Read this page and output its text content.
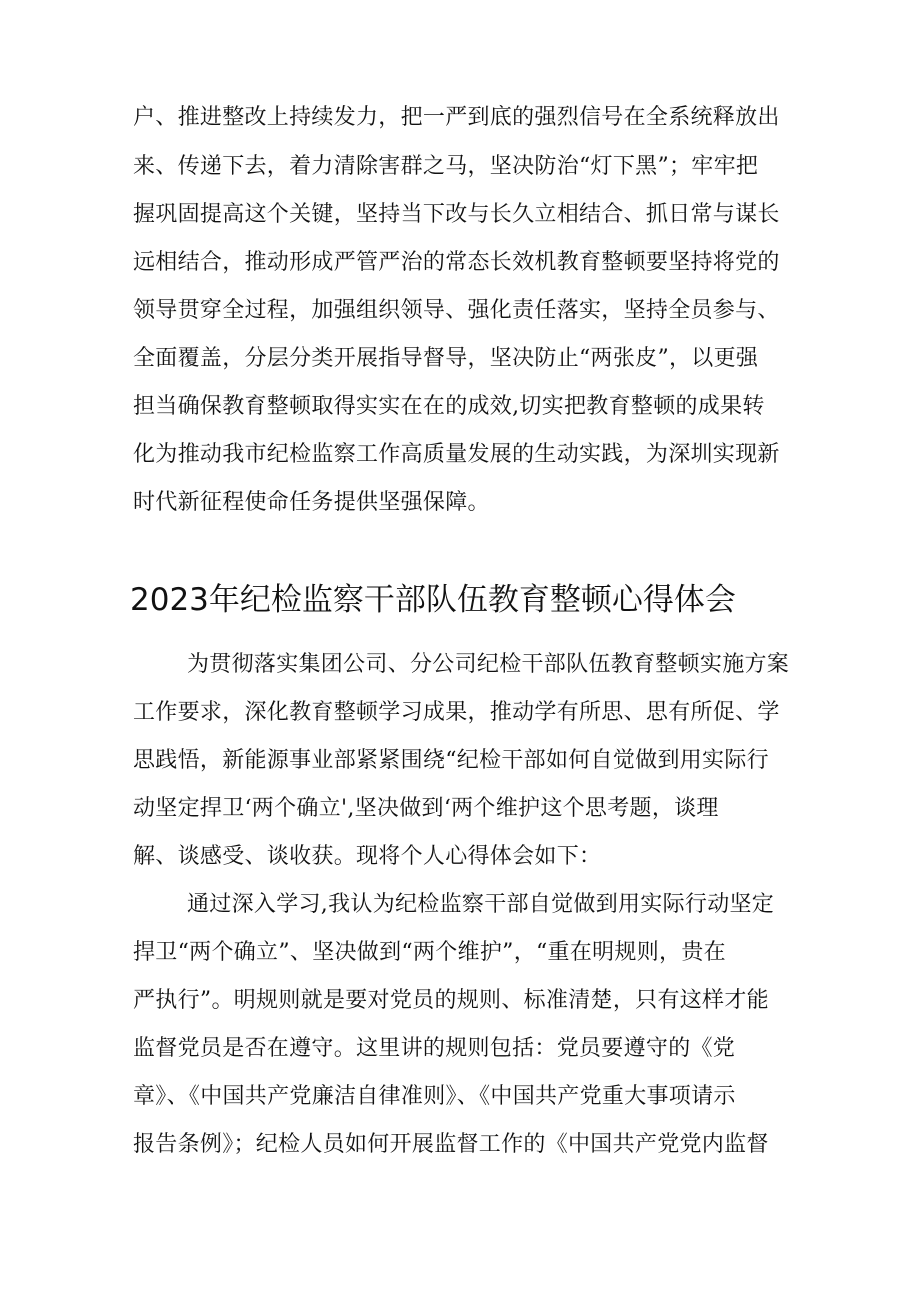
户、推进整改上持续发力，把一严到底的强烈信号在全系统释放出
来、传递下去，着力清除害群之马，坚决防治“灯下黑”；牢牢把
握巩固提高这个关键，坚持当下改与长久立相结合、抓日常与谋长
远相结合，推动形成严管严治的常态长效机教育整顿要坚持将党的
领导贯穿全过程，加强组织领导、强化责任落实，坚持全员参与、
全面覆盖，分层分类开展指导督导，坚决防止“两张皮”，以更强
担当确保教育整顿取得实实在在的成效,切实把教育整顿的成果转
化为推动我市纪检监察工作高质量发展的生动实践，为深圳实现新
时代新征程使命任务提供坚强保障。
2023年纪检监察干部队伍教育整顿心得体会
为贯彻落实集团公司、分公司纪检干部队伍教育整顿实施方案
工作要求，深化教育整顿学习成果，推动学有所思、思有所促、学
思践悟，新能源事业部紧紧围绕“纪检干部如何自觉做到用实际行
动坚定捍卫‘两个确立',坚决做到‘两个维护这个思考题，谈理
解、谈感受、谈收获。现将个人心得体会如下：
通过深入学习,我认为纪检监察干部自觉做到用实际行动坚定
捍卫“两个确立”、坚决做到“两个维护”，“重在明规则，贵在
严执行”。明规则就是要对党员的规则、标准清楚，只有这样才能
监督党员是否在遵守。这里讲的规则包括：党员要遵守的《党
章》、《中国共产党廉洁自律准则》、《中国共产党重大事项请示
报告条例》；纪检人员如何开展监督工作的《中国共产党党内监督
